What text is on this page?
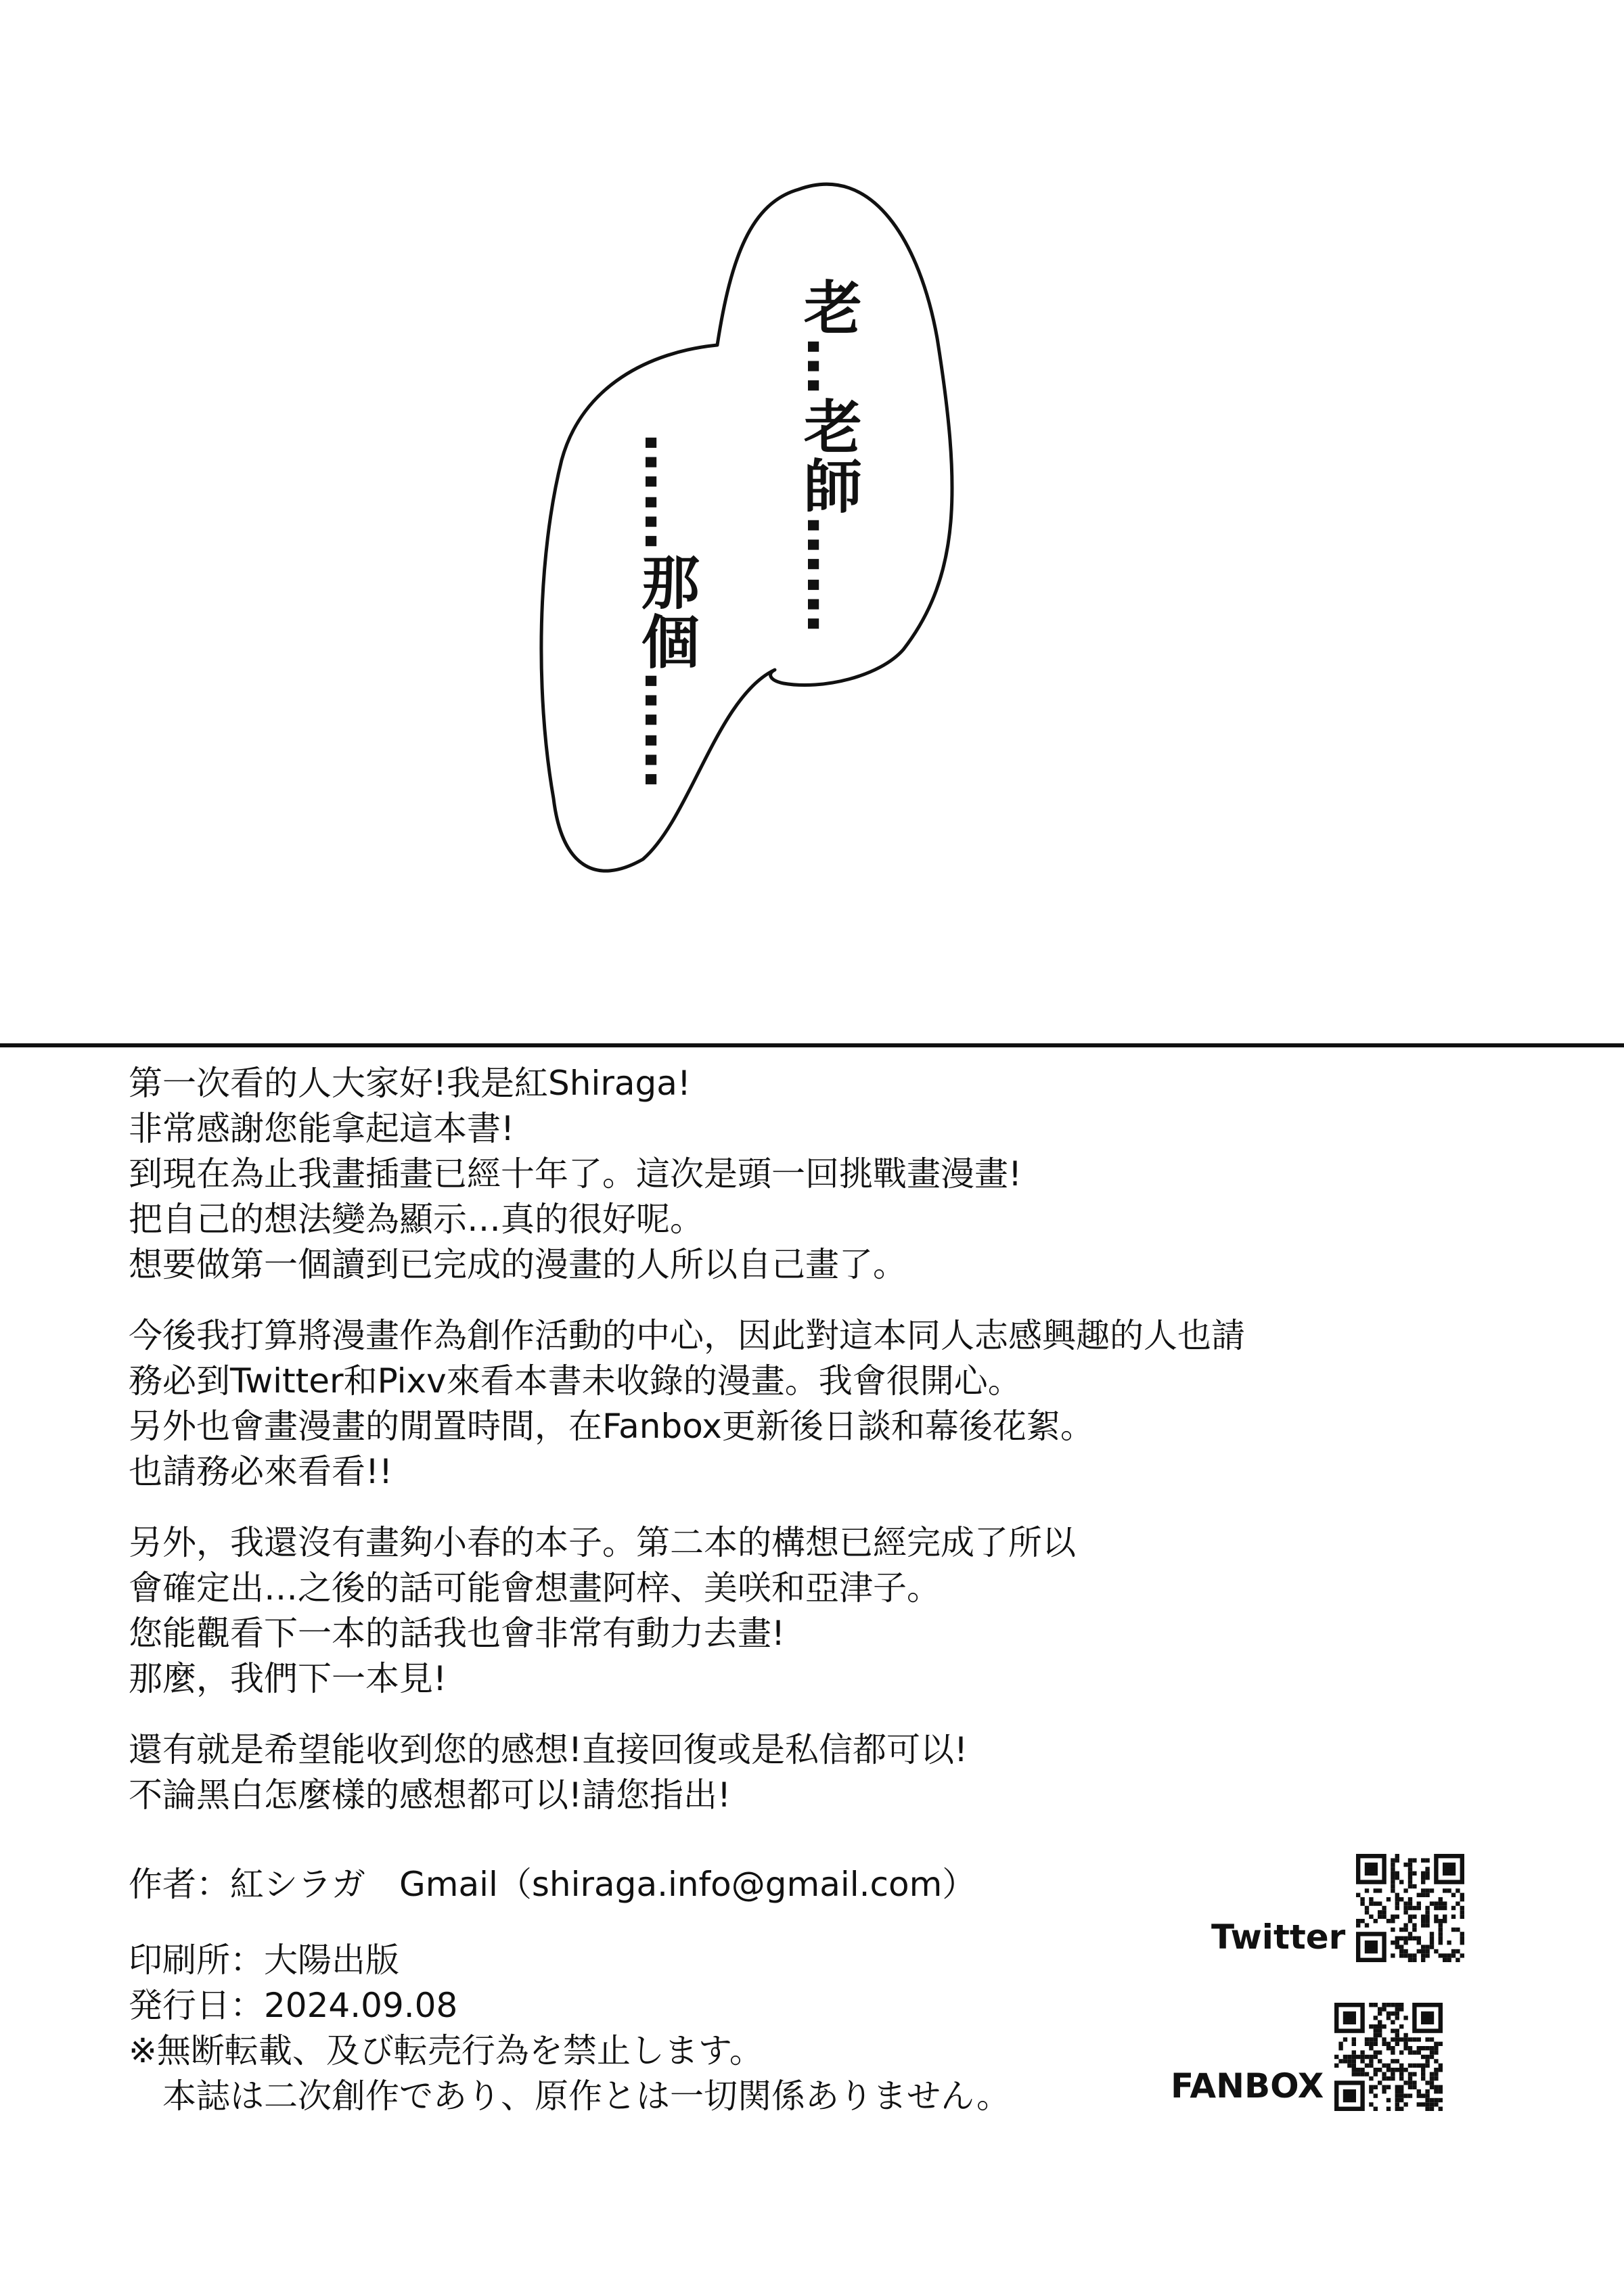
老…老師……
……那個……
第一次看的人大家好!我是紅Shiraga!
非常感謝您能拿起這本書!
到現在為止我畫插畫已經十年了。這次是頭一回挑戰畫漫畫!
把自己的想法變為顯示…真的很好呢。
想要做第一個讀到已完成的漫畫的人所以自己畫了。
今後我打算將漫畫作為創作活動的中心，因此對這本同人志感興趣的人也請
務必到Twitter和Pixv來看本書未收錄的漫畫。我會很開心。
另外也會畫漫畫的閒置時間，在Fanbox更新後日談和幕後花絮。
也請務必來看看!!
另外，我還沒有畫夠小春的本子。第二本的構想已經完成了所以
會確定出…之後的話可能會想畫阿梓、美咲和亞津子。
您能觀看下一本的話我也會非常有動力去畫!
那麼，我們下一本見!
還有就是希望能收到您的感想!直接回復或是私信都可以!
不論黑白怎麼樣的感想都可以!請您指出!
作者：紅シラガ　Gmail（shiraga.info@gmail.com）
印刷所：大陽出版
発行日：2024.09.08
※無断転載、及び転売行為を禁止します。
本誌は二次創作であり、原作とは一切関係ありません。
Twitter
FANBOX
